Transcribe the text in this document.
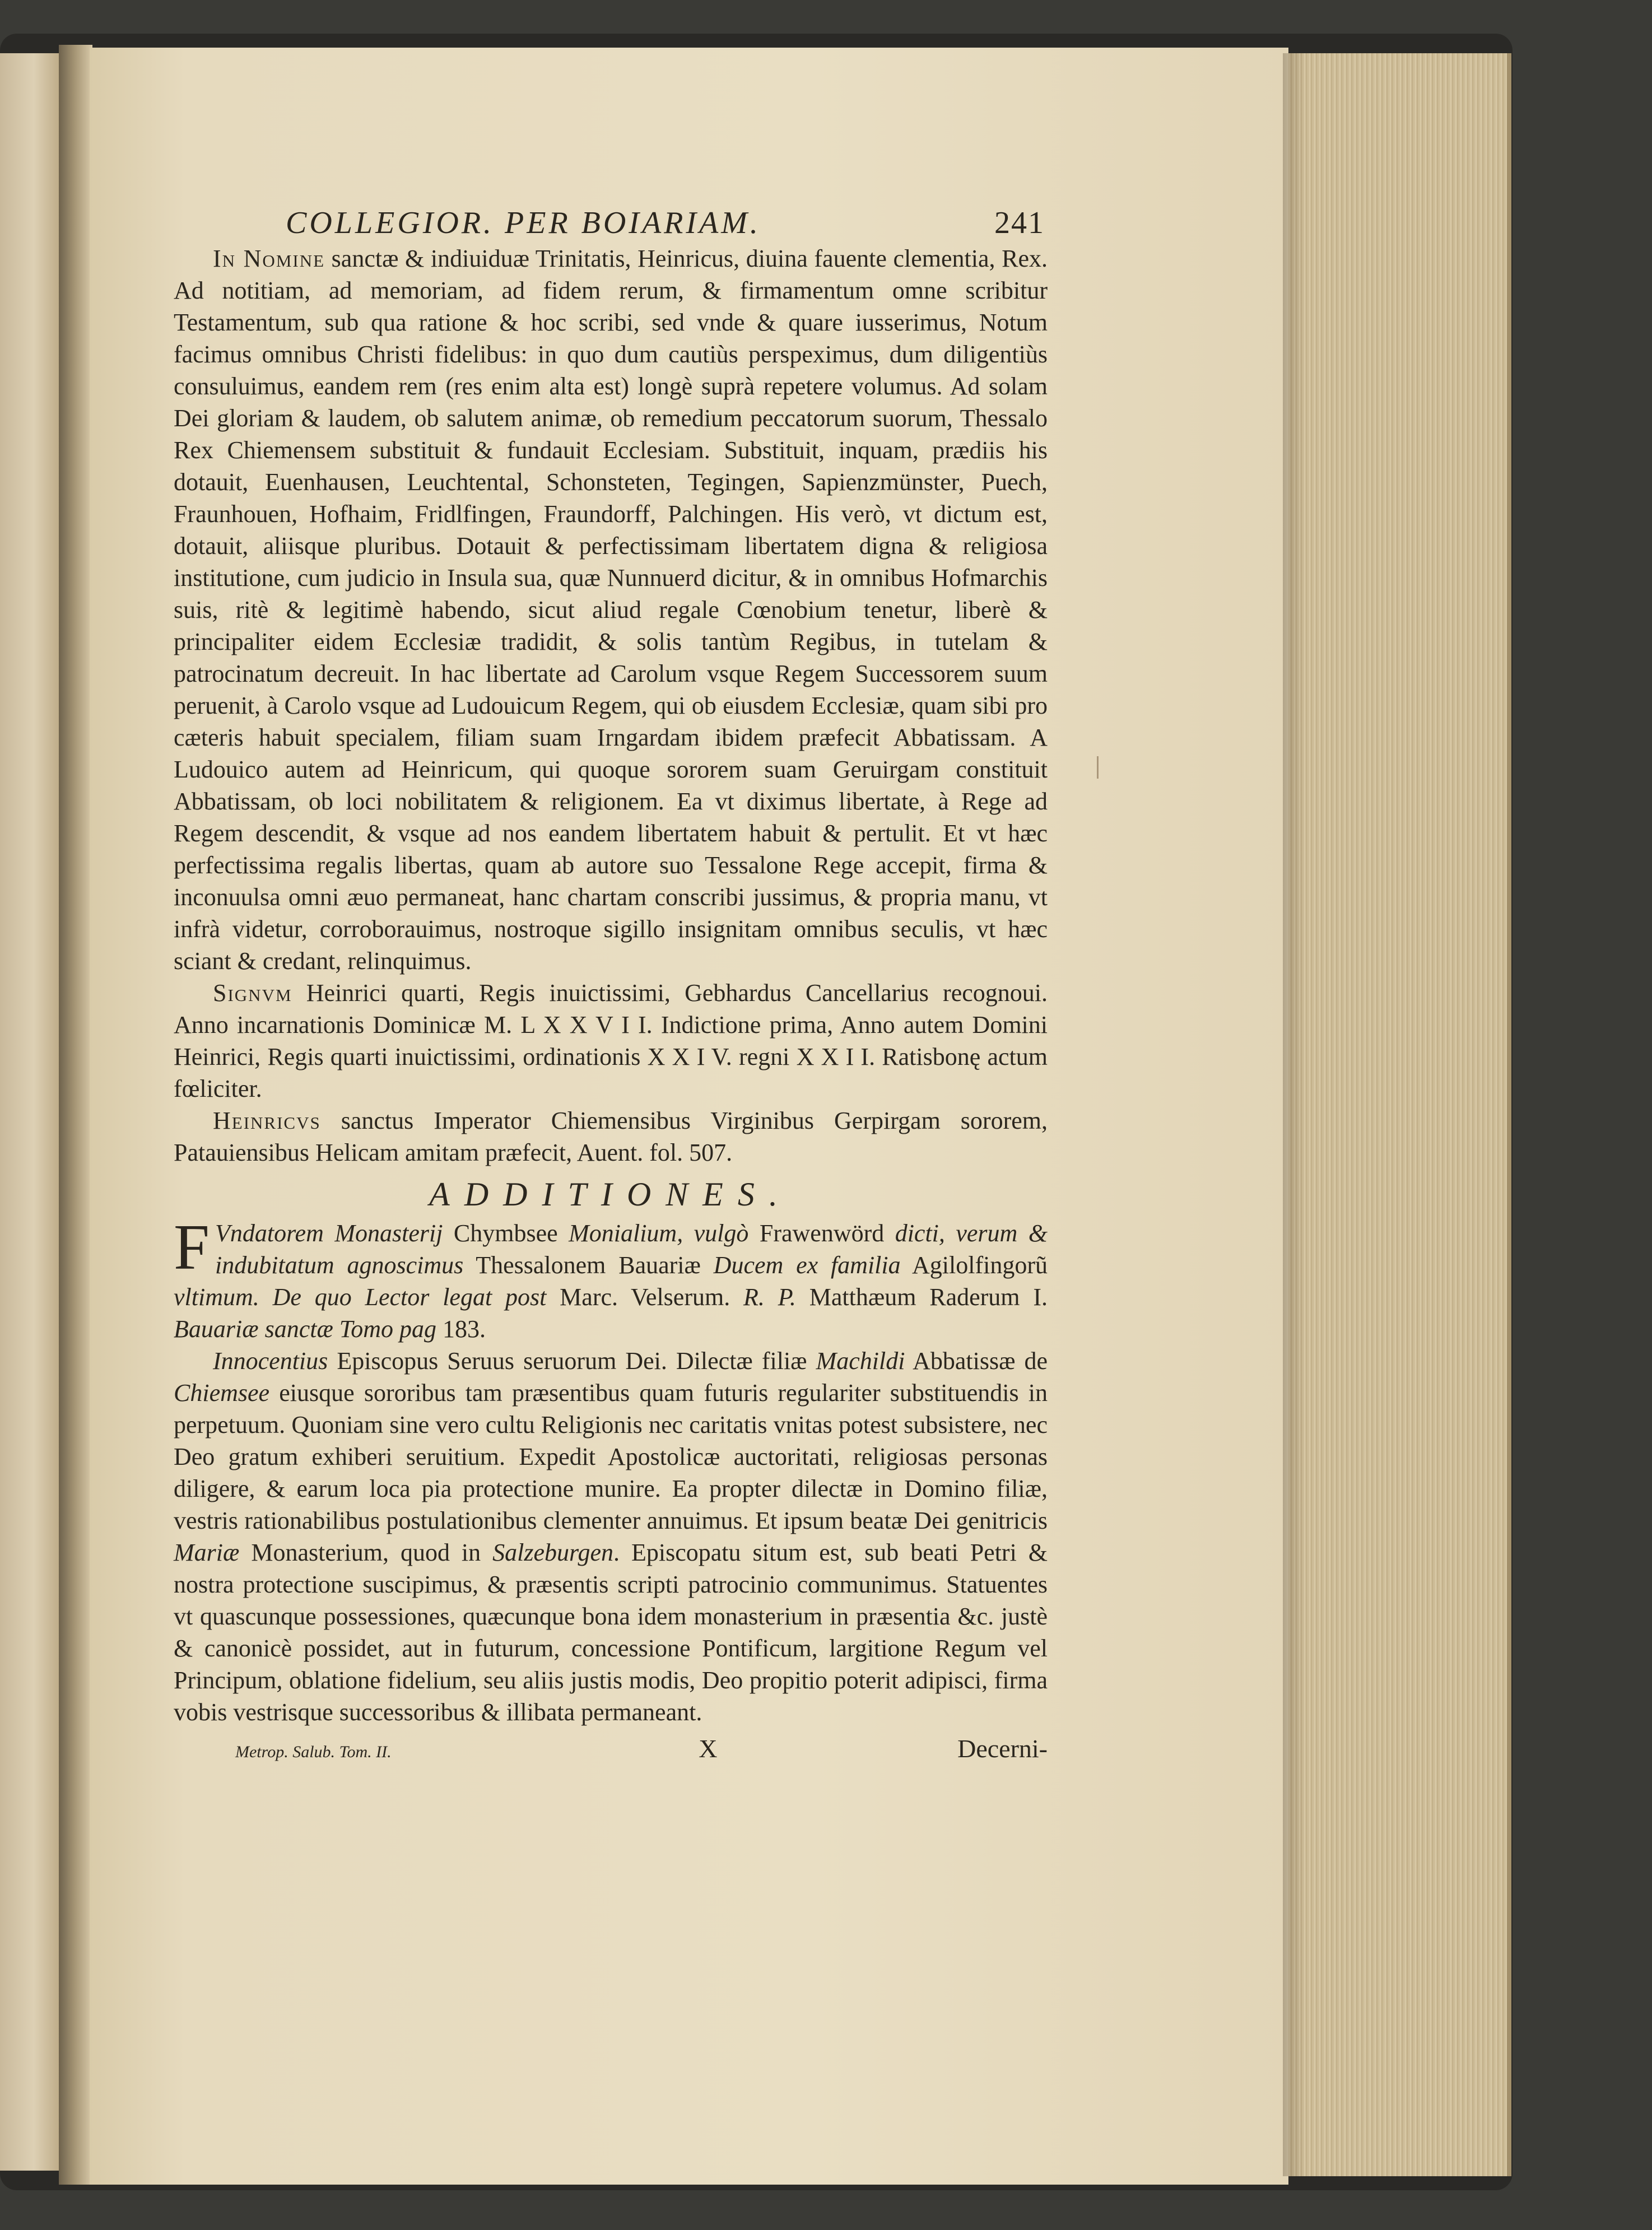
COLLEGIOR. PER BOIARIAM.	241

In Nomine sanctæ & indiuiduæ Trinitatis, Heinricus, diuina fauente clementia, Rex. Ad notitiam, ad memoriam, ad fidem rerum, & firmamentum omne scribitur Testamentum, sub qua ratione & hoc scribi, sed vnde & quare iusserimus, Notum facimus omnibus Christi fidelibus: in quo dum cautiùs perspeximus, dum diligentiùs consuluimus, eandem rem (res enim alta est) longè suprà repetere volumus. Ad solam Dei gloriam & laudem, ob salutem animæ, ob remedium peccatorum suorum, Thessalo Rex Chiemensem substituit & fundauit Ecclesiam. Substituit, inquam, prædiis his dotauit, Euenhausen, Leuchtental, Schonsteten, Tegingen, Sapienzmünster, Puech, Fraunhouen, Hofhaim, Fridlfingen, Fraundorff, Palchingen. His verò, vt dictum est, dotauit, aliisque pluribus. Dotauit & perfectissimam libertatem digna & religiosa institutione, cum judicio in Insula sua, quæ Nunnuerd dicitur, & in omnibus Hofmarchis suis, ritè & legitimè habendo, sicut aliud regale Cœnobium tenetur, liberè & principaliter eidem Ecclesiæ tradidit, & solis tantùm Regibus, in tutelam & patrocinatum decreuit. In hac libertate ad Carolum vsque Regem Successorem suum peruenit, à Carolo vsque ad Ludouicum Regem, qui ob eiusdem Ecclesiæ, quam sibi pro cæteris habuit specialem, filiam suam Irngardam ibidem præfecit Abbatissam. A Ludouico autem ad Heinricum, qui quoque sororem suam Geruirgam constituit Abbatissam, ob loci nobilitatem & religionem. Ea vt diximus libertate, à Rege ad Regem descendit, & vsque ad nos eandem libertatem habuit & pertulit. Et vt hæc perfectissima regalis libertas, quam ab autore suo Tessalone Rege accepit, firma & inconuulsa omni æuo permaneat, hanc chartam conscribi jussimus, & propria manu, vt infrà videtur, corroborauimus, nostroque sigillo insignitam omnibus seculis, vt hæc sciant & credant, relinquimus.

Signvm Heinrici quarti, Regis inuictissimi, Gebhardus Cancellarius recognoui. Anno incarnationis Dominicæ M. L X X V I I. Indictione prima, Anno autem Domini Heinrici, Regis quarti inuictissimi, ordinationis X X I V. regni X X I I. Ratisbonę actum fœliciter.

Heinricvs sanctus Imperator Chiemensibus Virginibus Gerpirgam sororem, Patauiensibus Helicam amitam præfecit, Auent. fol. 507.

ADDITIONES.

F Vndatorem Monasterij Chymbsee Monialium, vulgò Frawenwörd dicti, verum & indubitatum agnoscimus Thessalonem Bauariæ Ducem ex familia Agilolfingorũ vltimum. De quo Lector legat post Marc. Velserum. R. P. Matthæum Raderum I. Bauariæ sanctæ Tomo pag 183.

Innocentius Episcopus Seruus seruorum Dei. Dilectæ filiæ Machildi Abbatissæ de Chiemsee eiusque sororibus tam præsentibus quam futuris regulariter substituendis in perpetuum. Quoniam sine vero cultu Religionis nec caritatis vnitas potest subsistere, nec Deo gratum exhiberi seruitium. Expedit Apostolicæ auctoritati, religiosas personas diligere, & earum loca pia protectione munire. Ea propter dilectæ in Domino filiæ, vestris rationabilibus postulationibus clementer annuimus. Et ipsum beatæ Dei genitricis Mariæ Monasterium, quod in Salzeburgen. Episcopatu situm est, sub beati Petri & nostra protectione suscipimus, & præsentis scripti patrocinio communimus. Statuentes vt quascunque possessiones, quæcunque bona idem monasterium in præsentia &c. justè & canonicè possidet, aut in futurum, concessione Pontificum, largitione Regum vel Principum, oblatione fidelium, seu aliis justis modis, Deo propitio poterit adipisci, firma vobis vestrisque successoribus & illibata permaneant.

Metrop. Salub. Tom. II.	X	Decerni-
